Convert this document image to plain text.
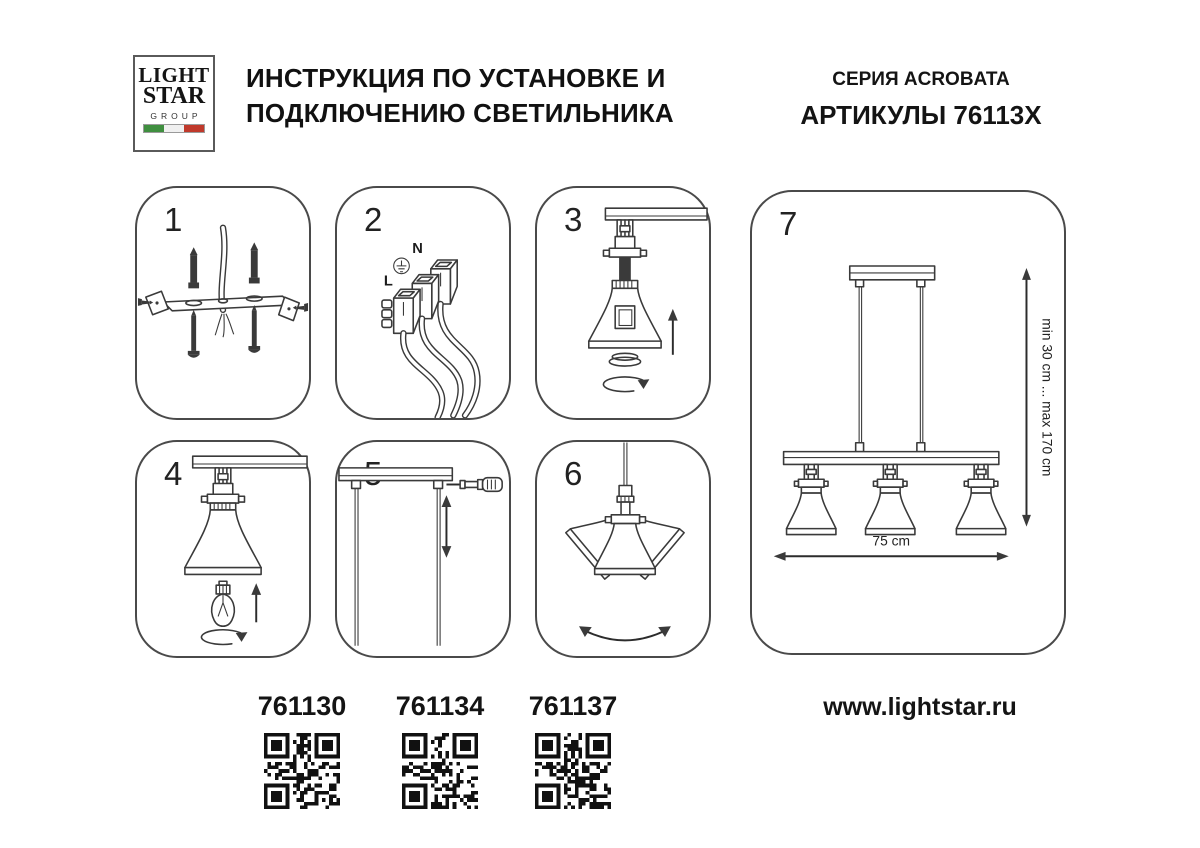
LIGHT
STAR
GROUP
ИНСТРУКЦИЯ ПО УСТАНОВКЕ И
ПОДКЛЮЧЕНИЮ СВЕТИЛЬНИКА
СЕРИЯ ACROBATA
АРТИКУЛЫ 76113X
1	2
N
L
3
4	6
7
min 30 cm ... max 170 cm
75 cm
761130	761134	761137	www.lightstar.ru
